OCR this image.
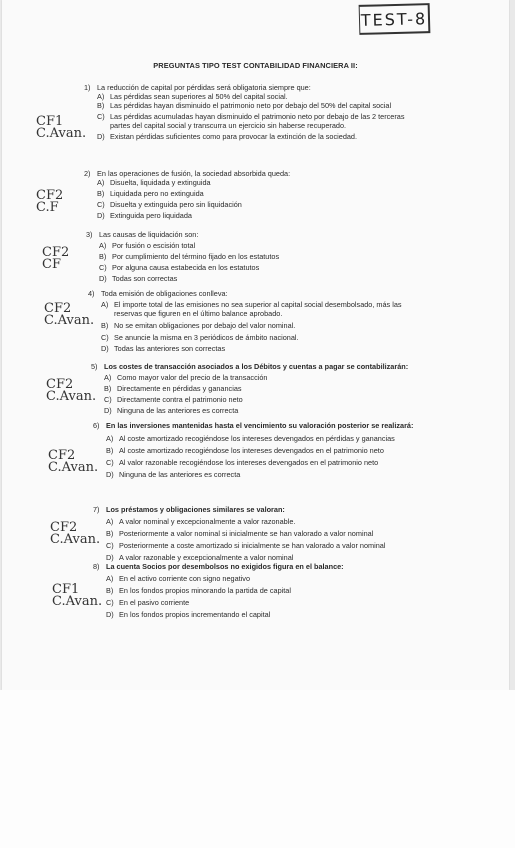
TEST-8
PREGUNTAS TIPO TEST CONTABILIDAD FINANCIERA II:
1) La reducción de capital por pérdidas será obligatoria siempre que:
A) Las pérdidas sean superiores al 50% del capital social.
B) Las pérdidas hayan disminuido el patrimonio neto por debajo del 50% del capital social
C) Las pérdidas acumuladas hayan disminuido el patrimonio neto por debajo de las 2 terceras partes del capital social y transcurra un ejercicio sin haberse recuperado.
D) Existan pérdidas suficientes como para provocar la extinción de la sociedad.
2) En las operaciones de fusión, la sociedad absorbida queda:
A) Disuelta, liquidada y extinguida
B) Liquidada pero no extinguida
C) Disuelta y extinguida pero sin liquidación
D) Extinguida pero liquidada
3) Las causas de liquidación son:
A) Por fusión o escisión total
B) Por cumplimiento del término fijado en los estatutos
C) Por alguna causa estabecida en los estatutos
D) Todas son correctas
4) Toda emisión de obligaciones conlleva:
A) El importe total de las emisiones no sea superior al capital social desembolsado, más las reservas que figuren en el último balance aprobado.
B) No se emitan obligaciones por debajo del valor nominal.
C) Se anuncie la misma en 3 periódicos de ámbito nacional.
D) Todas las anteriores son correctas
5) Los costes de transacción asociados a los Débitos y cuentas a pagar se contabilizarán:
A) Como mayor valor del precio de la transacción
B) Directamente en pérdidas y ganancias
C) Directamente contra el patrimonio neto
D) Ninguna de las anteriores es correcta
6) En las inversiones mantenidas hasta el vencimiento su valoración posterior se realizará:
A) Al coste amortizado recogiéndose los intereses devengados en pérdidas y ganancias
B) Al coste amortizado recogiéndose los intereses devengados en el patrimonio neto
C) Al valor razonable recogiéndose los intereses devengados en el patrimonio neto
D) Ninguna de las anteriores es correcta
7) Los préstamos y obligaciones similares se valoran:
A) A valor nominal y excepcionalmente a valor razonable.
B) Posteriormente a valor nominal si inicialmente se han valorado a valor nominal
C) Posteriormente a coste amortizado si inicialmente se han valorado a valor nominal
D) A valor razonable y excepcionalmente a valor nominal
8) La cuenta Socios por desembolsos no exigidos figura en el balance:
A) En el activo corriente con signo negativo
B) En los fondos propios minorando la partida de capital
C) En el pasivo corriente
D) En los fondos propios incrementando el capital
CF1
C.Avan.
CF2
C.F
CF2
CF
CF2
C.Avan.
CF2
C.Avan.
CF2
C.Avan.
CF2
C.Avan.
CF1
C.Avan.
